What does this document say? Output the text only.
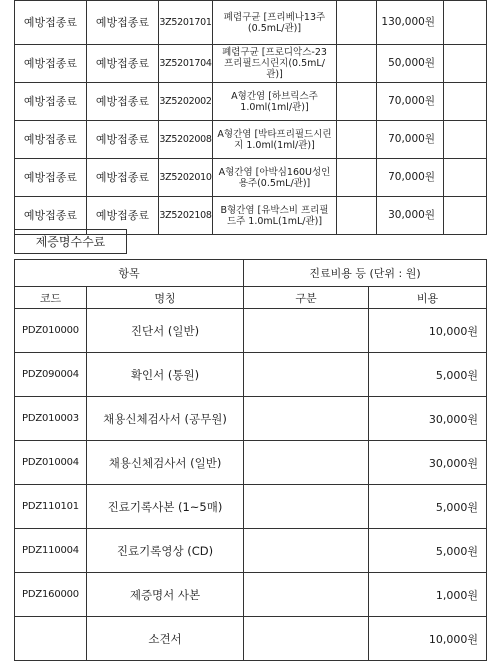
예방접종료	예방접종료	3Z5201701	폐렴구균 [프리베나13주 (0.5mL/관)]		130,000원	
예방접종료	예방접종료	3Z5201704	폐렴구균 [프로디악스-23 프리필드시린지(0.5mL/관)]		50,000원	
예방접종료	예방접종료	3Z5202002	A형간염 [하브릭스주 1.0ml(1ml/관)]		70,000원	
예방접종료	예방접종료	3Z5202008	A형간염 [박타프리필드시린지 1.0ml(1ml/관)]		70,000원	
예방접종료	예방접종료	3Z5202010	A형간염 [아박심160U성인용주(0.5mL/관)]		70,000원	
예방접종료	예방접종료	3Z5202108	B형간염 [유박스비 프리필드주 1.0mL(1mL/관)]		30,000원	
제증명수수료
항목		진료비용 등 (단위 : 원)	
코드	명칭	구분	비용
PDZ010000	진단서 (일반)		10,000원
PDZ090004	확인서 (통원)		5,000원
PDZ010003	채용신체검사서 (공무원)		30,000원
PDZ010004	채용신체검사서 (일반)		30,000원
PDZ110101	진료기록사본 (1~5매)		5,000원
PDZ110004	진료기록영상 (CD)		5,000원
PDZ160000	제증명서 사본		1,000원
	소견서		10,000원
